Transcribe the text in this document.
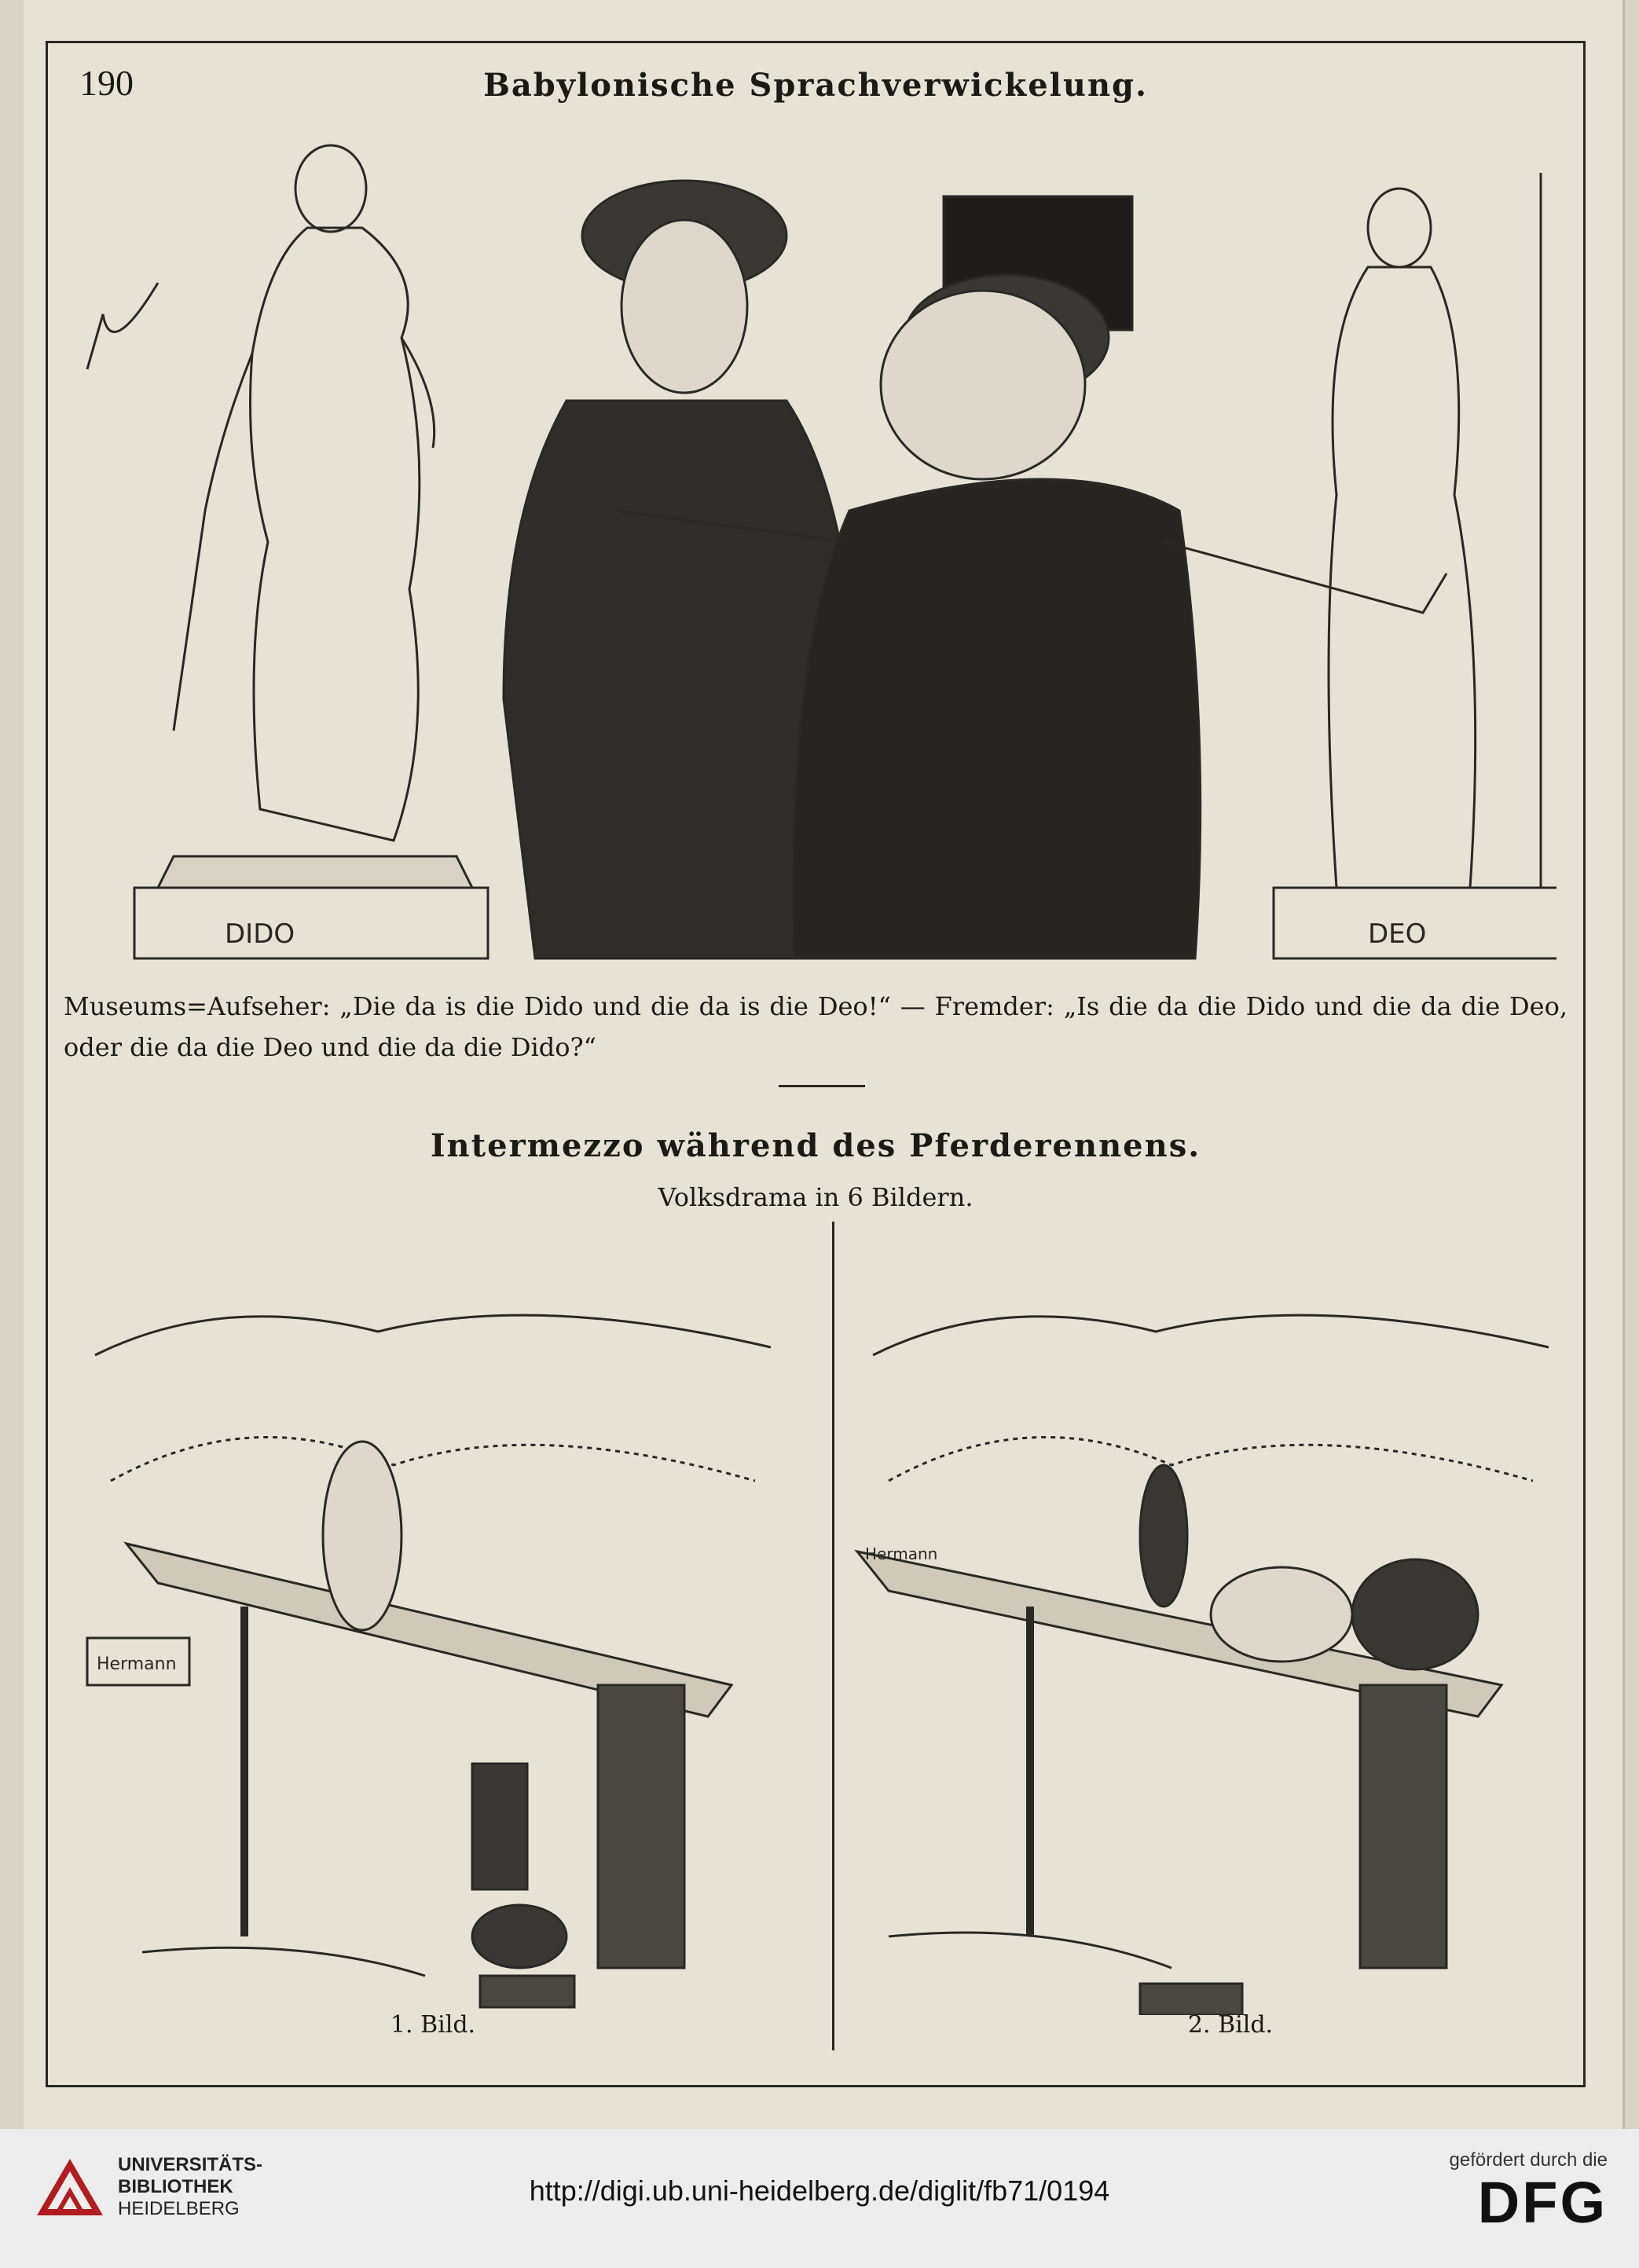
190	Babylonische Sprachverwickelung.
DIDO	DEO
Museums=Aufseher: „Die da is die Dido und die da is die Deo!“ — Fremder: „Is die da die Dido und die da die Deo, oder die da die Deo und die da die Dido?“
Intermezzo während des Pferderennens.
Volksdrama in 6 Bildern.
Hermann
1. Bild.
Hermann
2. Bild.
UNIVERSITÄTS-
BIBLIOTHEK
HEIDELBERG
http://digi.ub.uni-heidelberg.de/diglit/fb71/0194
gefördert durch die
DFG
